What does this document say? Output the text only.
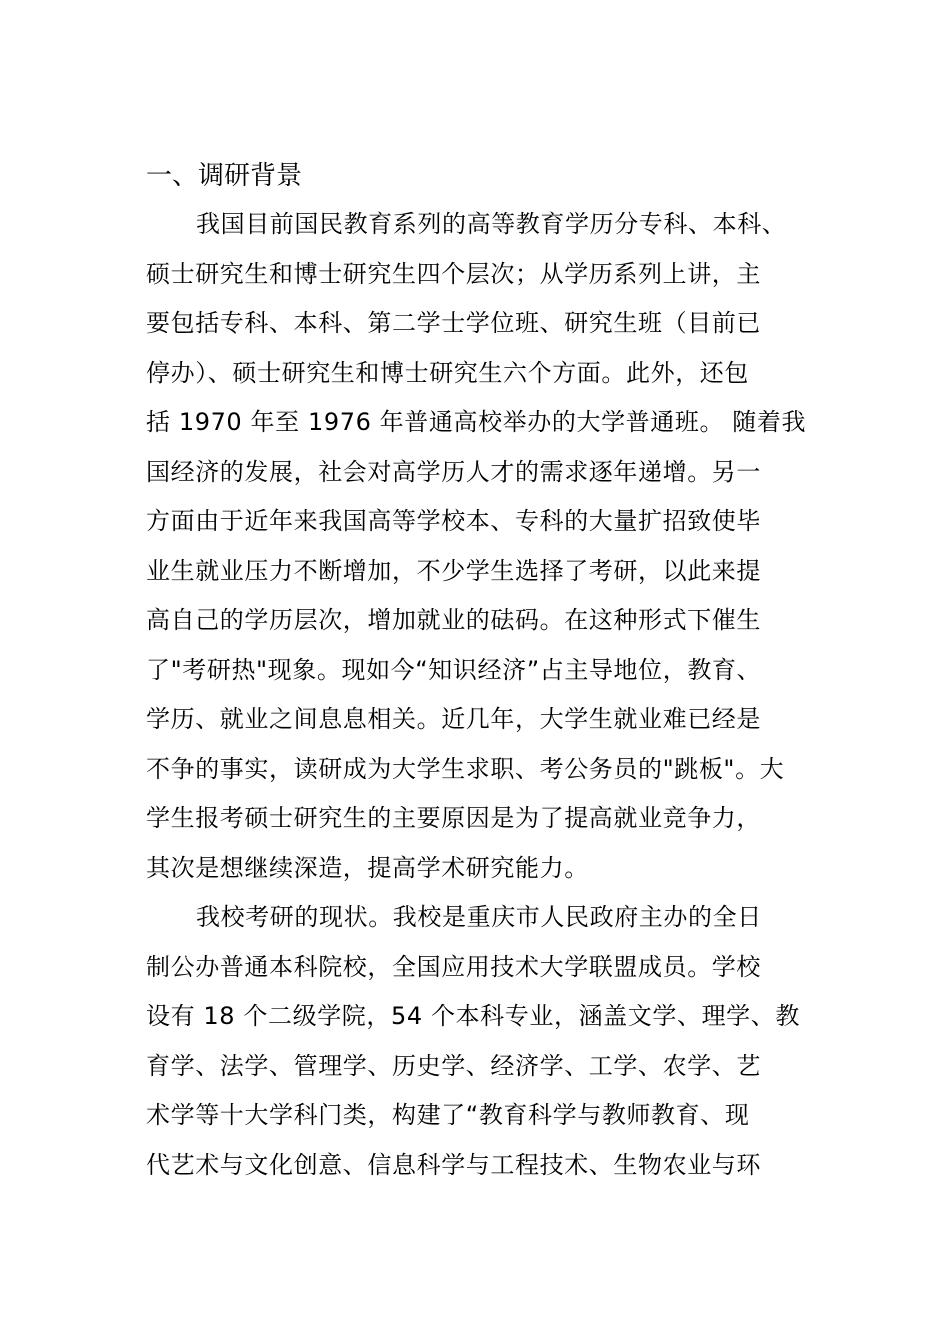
一、调研背景
我国目前国民教育系列的高等教育学历分专科、本科、
硕士研究生和博士研究生四个层次；从学历系列上讲，主
要包括专科、本科、第二学士学位班、研究生班（目前已
停办）、硕士研究生和博士研究生六个方面。此外，还包
括 1970 年至 1976 年普通高校举办的大学普通班。 随着我
国经济的发展，社会对高学历人才的需求逐年递增。另一
方面由于近年来我国高等学校本、专科的大量扩招致使毕
业生就业压力不断增加，不少学生选择了考研，以此来提
高自己的学历层次，增加就业的砝码。在这种形式下催生
了"考研热"现象。现如今“知识经济”占主导地位，教育、
学历、就业之间息息相关。近几年，大学生就业难已经是
不争的事实，读研成为大学生求职、考公务员的"跳板"。大
学生报考硕士研究生的主要原因是为了提高就业竞争力，
其次是想继续深造，提高学术研究能力。
我校考研的现状。我校是重庆市人民政府主办的全日
制公办普通本科院校，全国应用技术大学联盟成员。学校
设有 18 个二级学院，54 个本科专业，涵盖文学、理学、教
育学、法学、管理学、历史学、经济学、工学、农学、艺
术学等十大学科门类，构建了“教育科学与教师教育、现
代艺术与文化创意、信息科学与工程技术、生物农业与环
